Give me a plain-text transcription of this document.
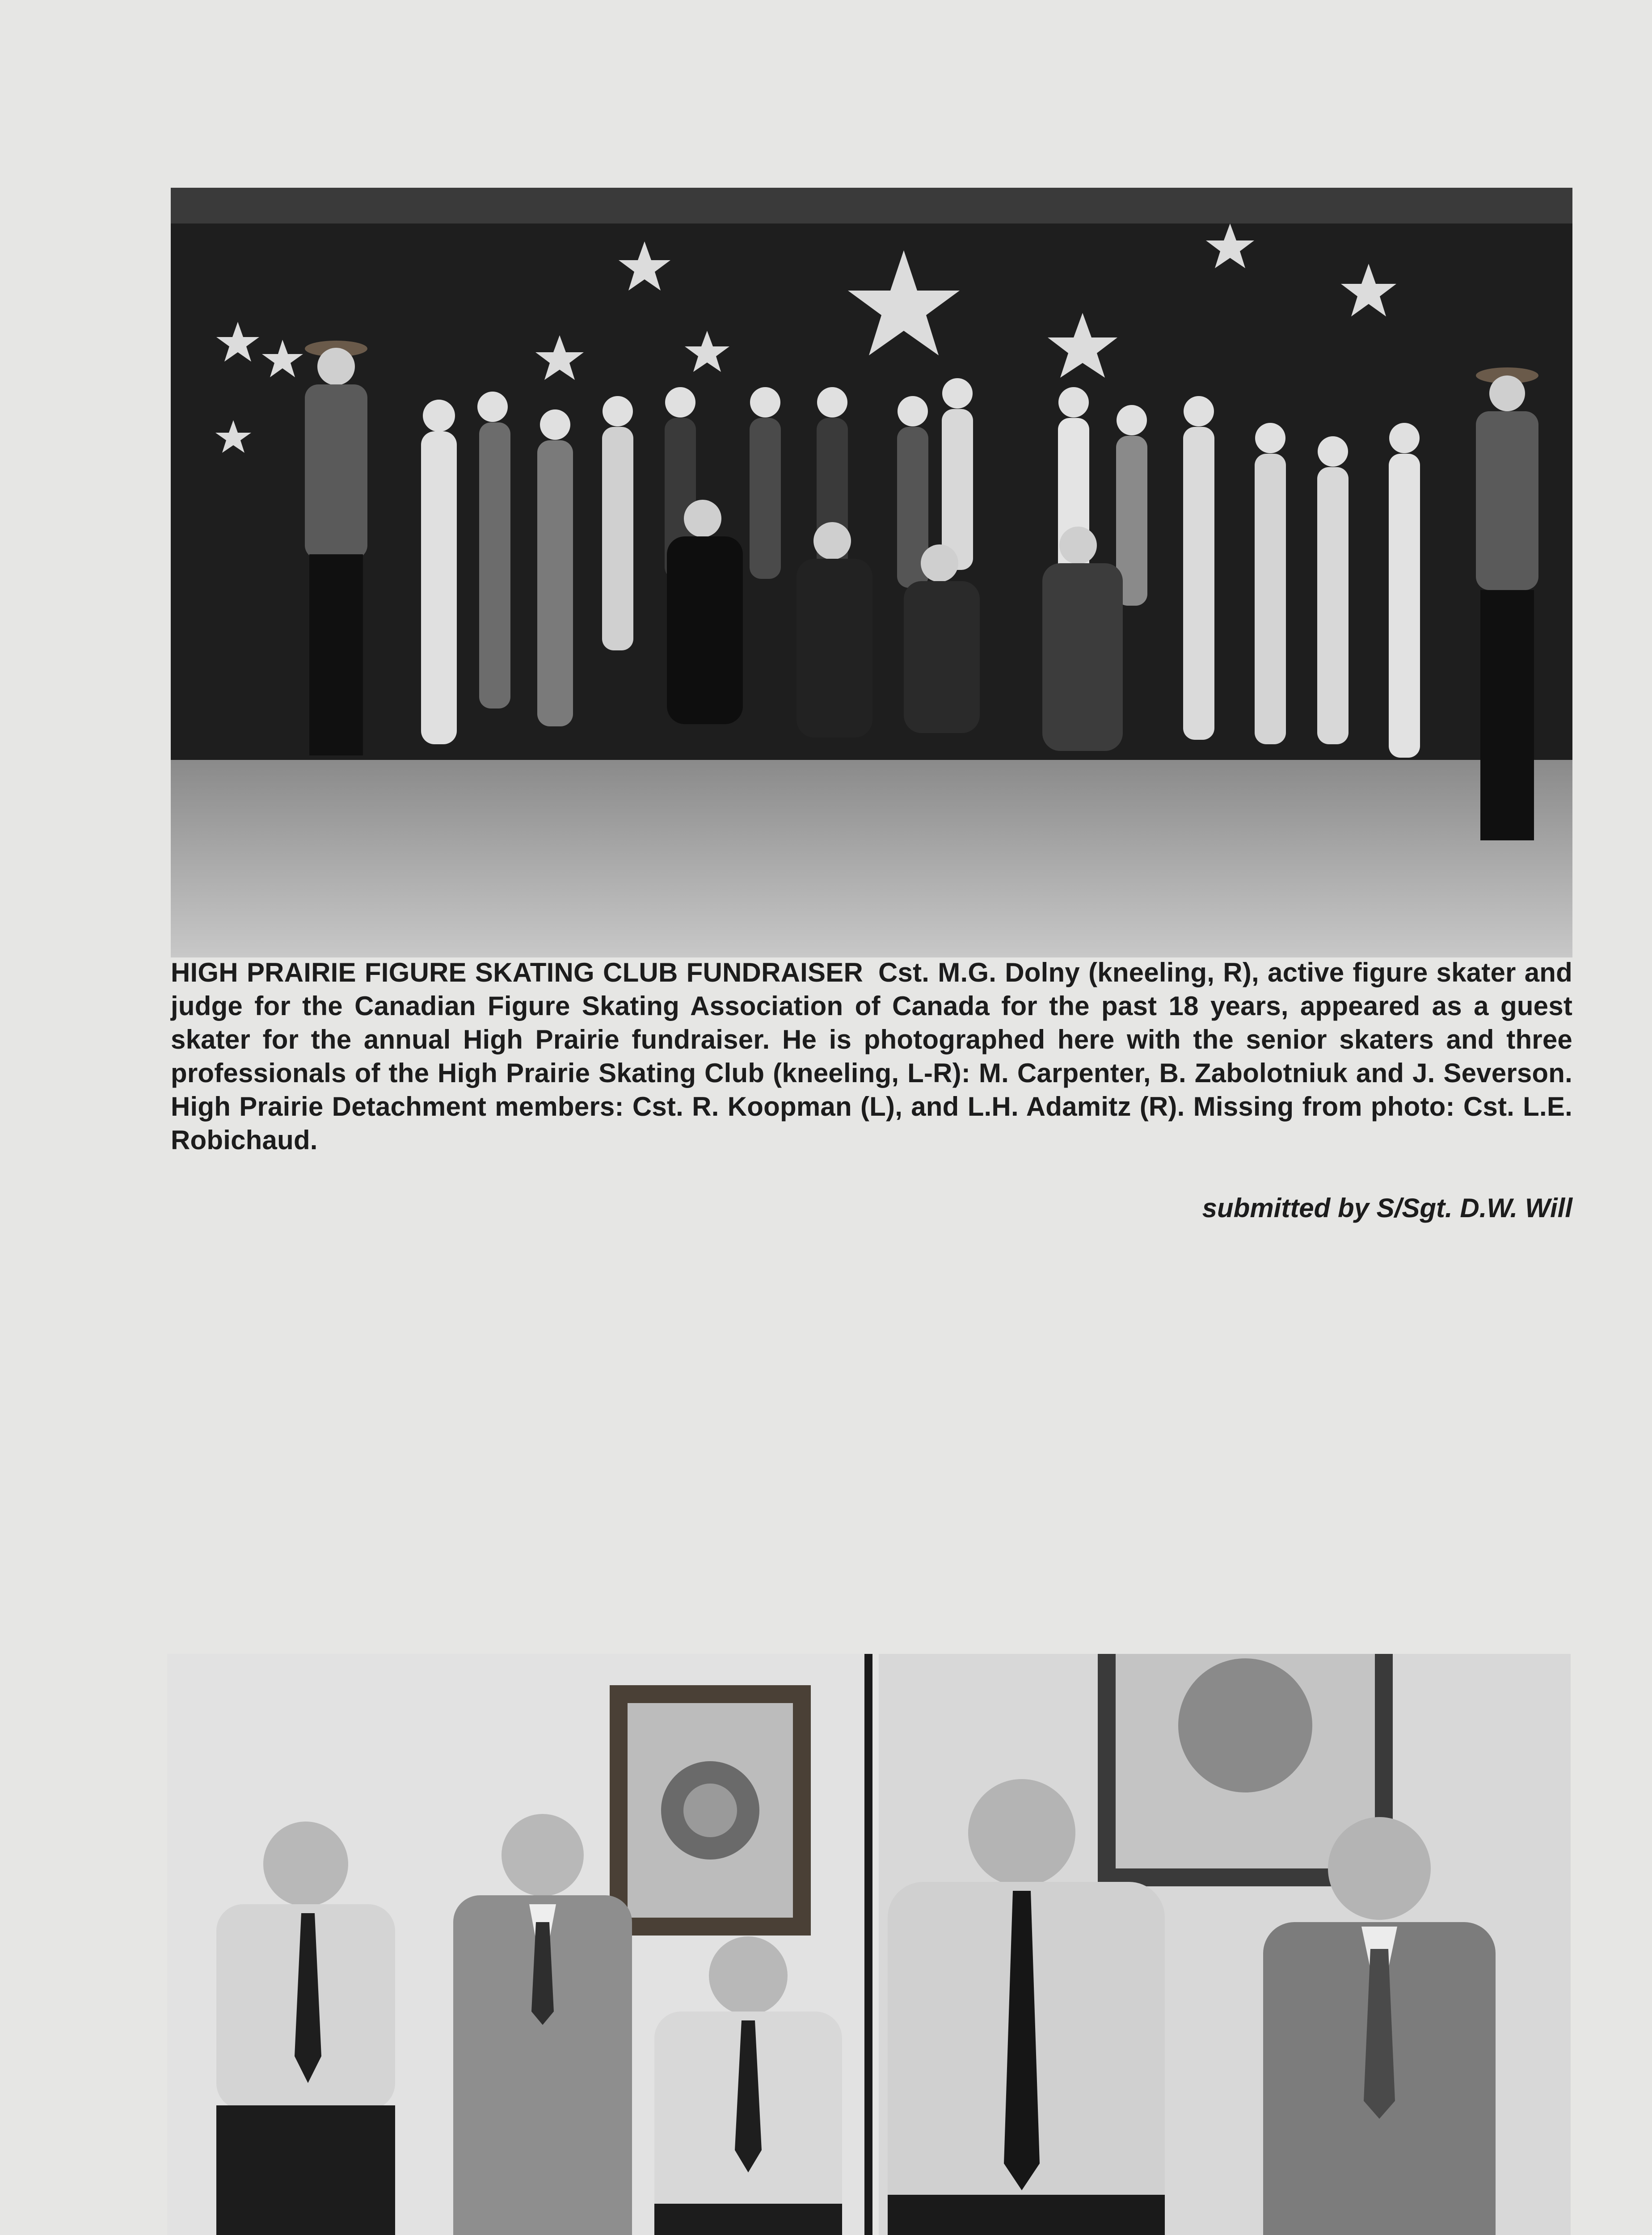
HIGH PRAIRIE FIGURE SKATING CLUB FUNDRAISER Cst. M.G. Dolny (kneeling, R), active figure skater and judge for the Canadian Figure Skating Association of Canada for the past 18 years, appeared as a guest skater for the annual High Prairie fundraiser. He is photographed here with the senior skaters and three professionals of the High Prairie Skating Club (kneeling, L-R): M. Carpenter, B. Zabolotniuk and J. Severson. High Prairie Detachment members: Cst. R. Koopman (L), and L.H. Adamitz (R). Missing from photo: Cst. L.E. Robichaud.

submitted by S/Sgt. D.W. Will
